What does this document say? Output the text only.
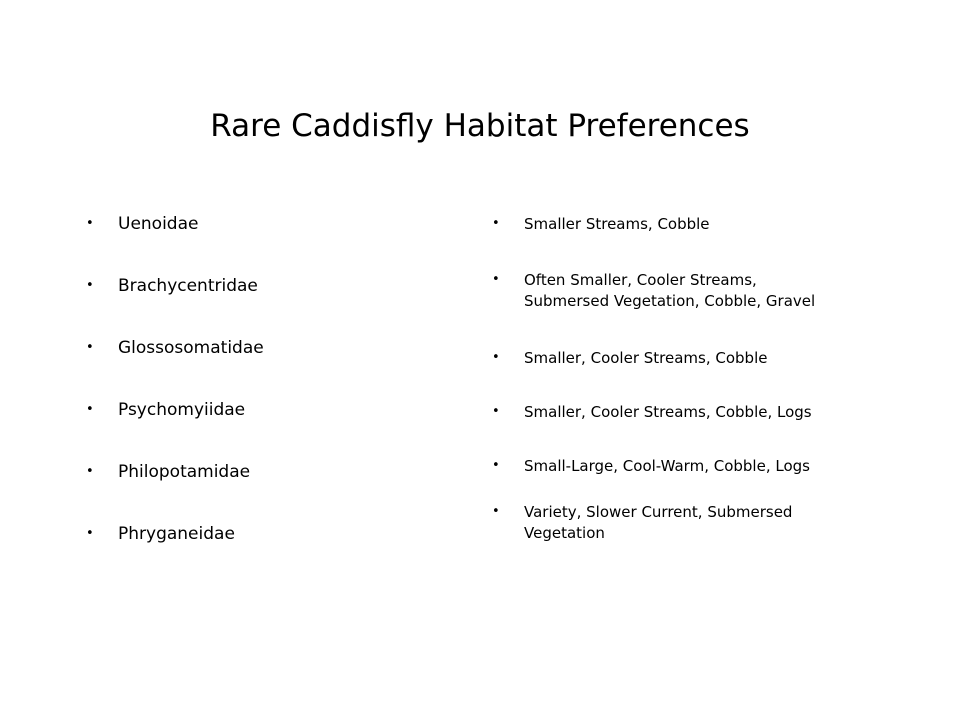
Rare Caddisfly Habitat Preferences
• Uenoidae
• Brachycentridae
• Glossosomatidae
• Psychomyiidae
• Philopotamidae
• Phryganeidae
• Smaller Streams, Cobble
• Often Smaller, Cooler Streams,
Submersed Vegetation, Cobble, Gravel
• Smaller, Cooler Streams, Cobble
• Smaller, Cooler Streams, Cobble, Logs
• Small-Large, Cool-Warm, Cobble, Logs
• Variety, Slower Current, Submersed
Vegetation
